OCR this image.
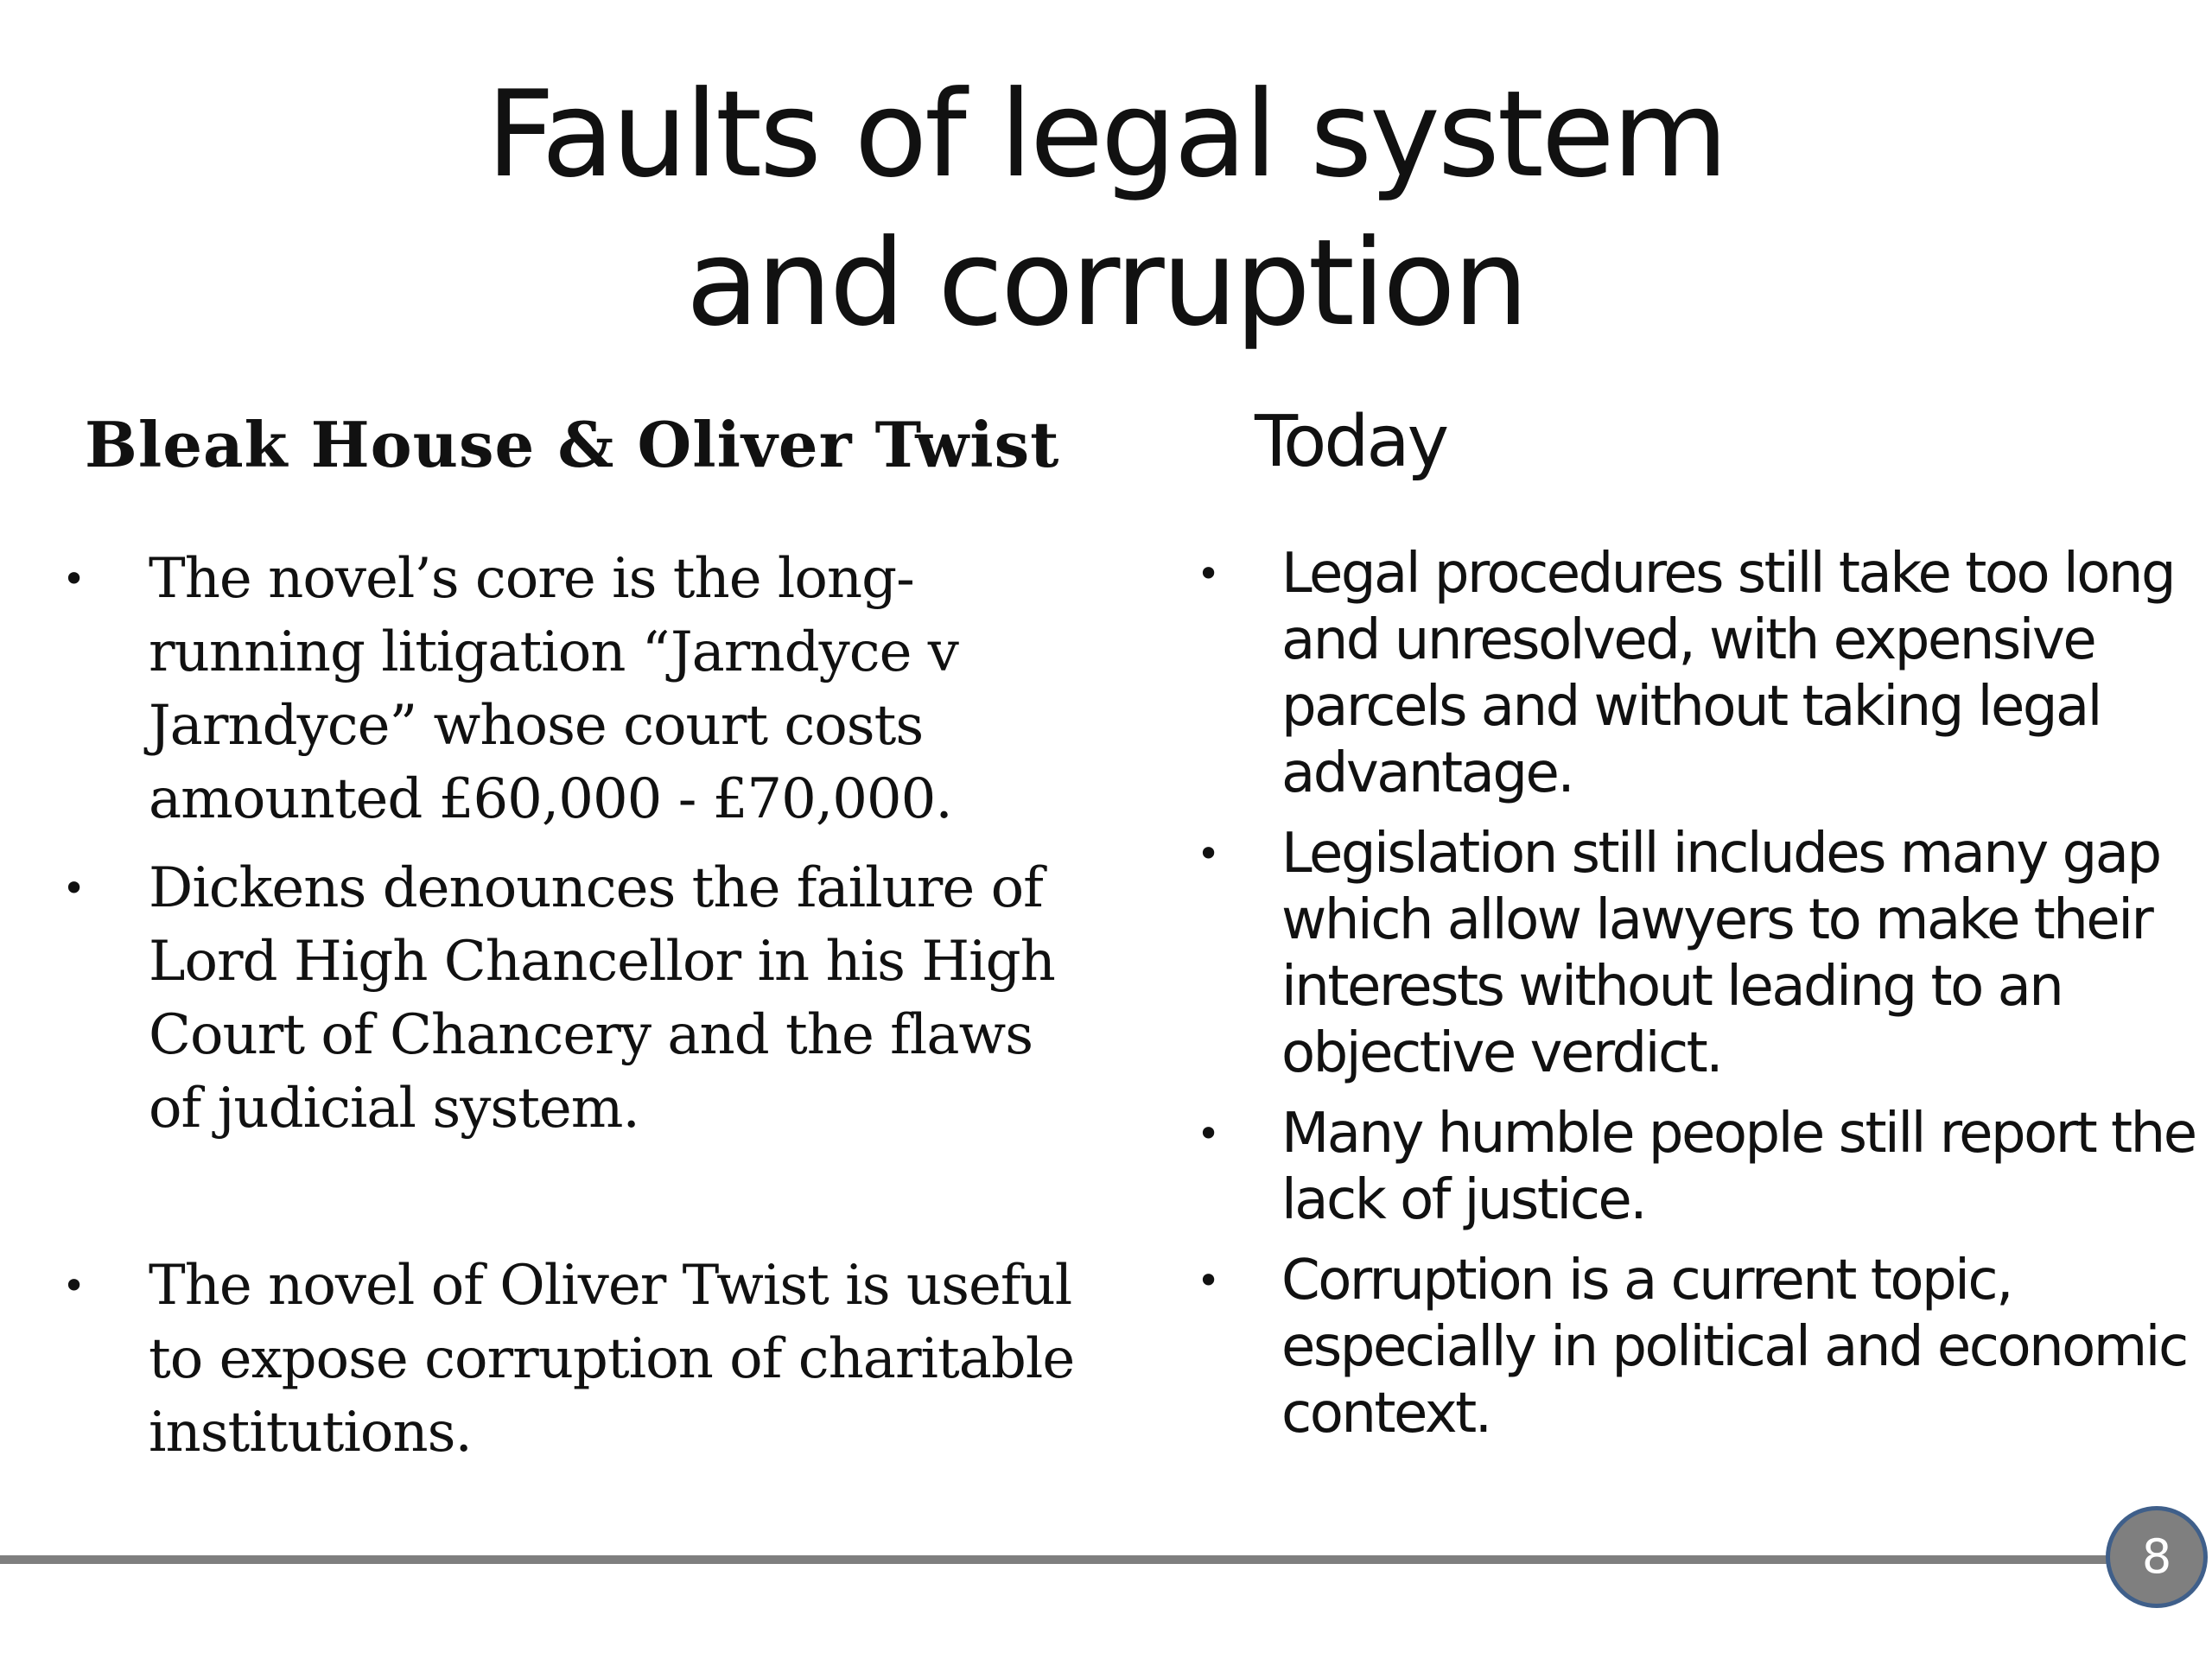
Faults of legal system
and corruption
Bleak House & Oliver Twist	Today
• The novel’s core is the long-running litigation “Jarndyce v Jarndyce” whose court costs amounted £60,000 - £70,000.
• Dickens denounces the failure of Lord High Chancellor in his High Court of Chancery and the flaws of judicial system.
• The novel of Oliver Twist is useful to expose corruption of charitable institutions.
• Legal procedures still take too long and unresolved, with expensive parcels and without taking legal advantage.
• Legislation still includes many gap which allow lawyers to make their interests without leading to an objective verdict.
• Many humble people still report the lack of justice.
• Corruption is a current topic, especially in political and economic context.
8
